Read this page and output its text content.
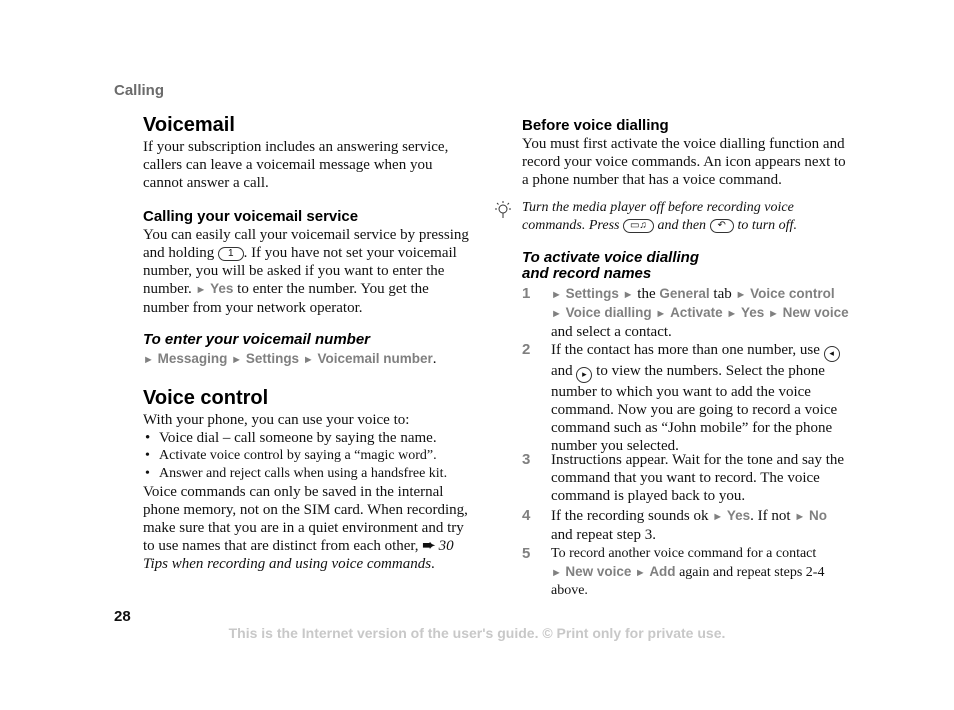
Calling
Voicemail
If your subscription includes an answering service, callers can leave a voicemail message when you cannot answer a call.
Calling your voicemail service
You can easily call your voicemail service by pressing and holding 1 . If you have not set your voicemail number, you will be asked if you want to enter the number. ► Yes to enter the number. You get the number from your network operator.
To enter your voicemail number
► Messaging ► Settings ► Voicemail number.
Voice control
With your phone, you can use your voice to:
• Voice dial – call someone by saying the name.
• Activate voice control by saying a “magic word”.
• Answer and reject calls when using a handsfree kit.
Voice commands can only be saved in the internal phone memory, not on the SIM card. When recording, make sure that you are in a quiet environment and try to use names that are distinct from each other, ➨ 30 Tips when recording and using voice commands.
Before voice dialling
You must first activate the voice dialling function and record your voice commands. An icon appears next to a phone number that has a voice command.
Turn the media player off before recording voice commands. Press ▭♫ and then ↶ to turn off.
To activate voice dialling
and record names
1 ► Settings ► the General tab ► Voice control
► Voice dialling ► Activate ► Yes ► New voice
and select a contact.
2 If the contact has more than one number, use ◂ and ▸ to view the numbers. Select the phone number to which you want to add the voice command. Now you are going to record a voice command such as “John mobile” for the phone number you selected.
3 Instructions appear. Wait for the tone and say the command that you want to record. The voice command is played back to you.
4 If the recording sounds ok ► Yes. If not ► No
and repeat step 3.
5 To record another voice command for a contact
► New voice ► Add again and repeat steps 2-4 above.
28
This is the Internet version of the user's guide. © Print only for private use.
